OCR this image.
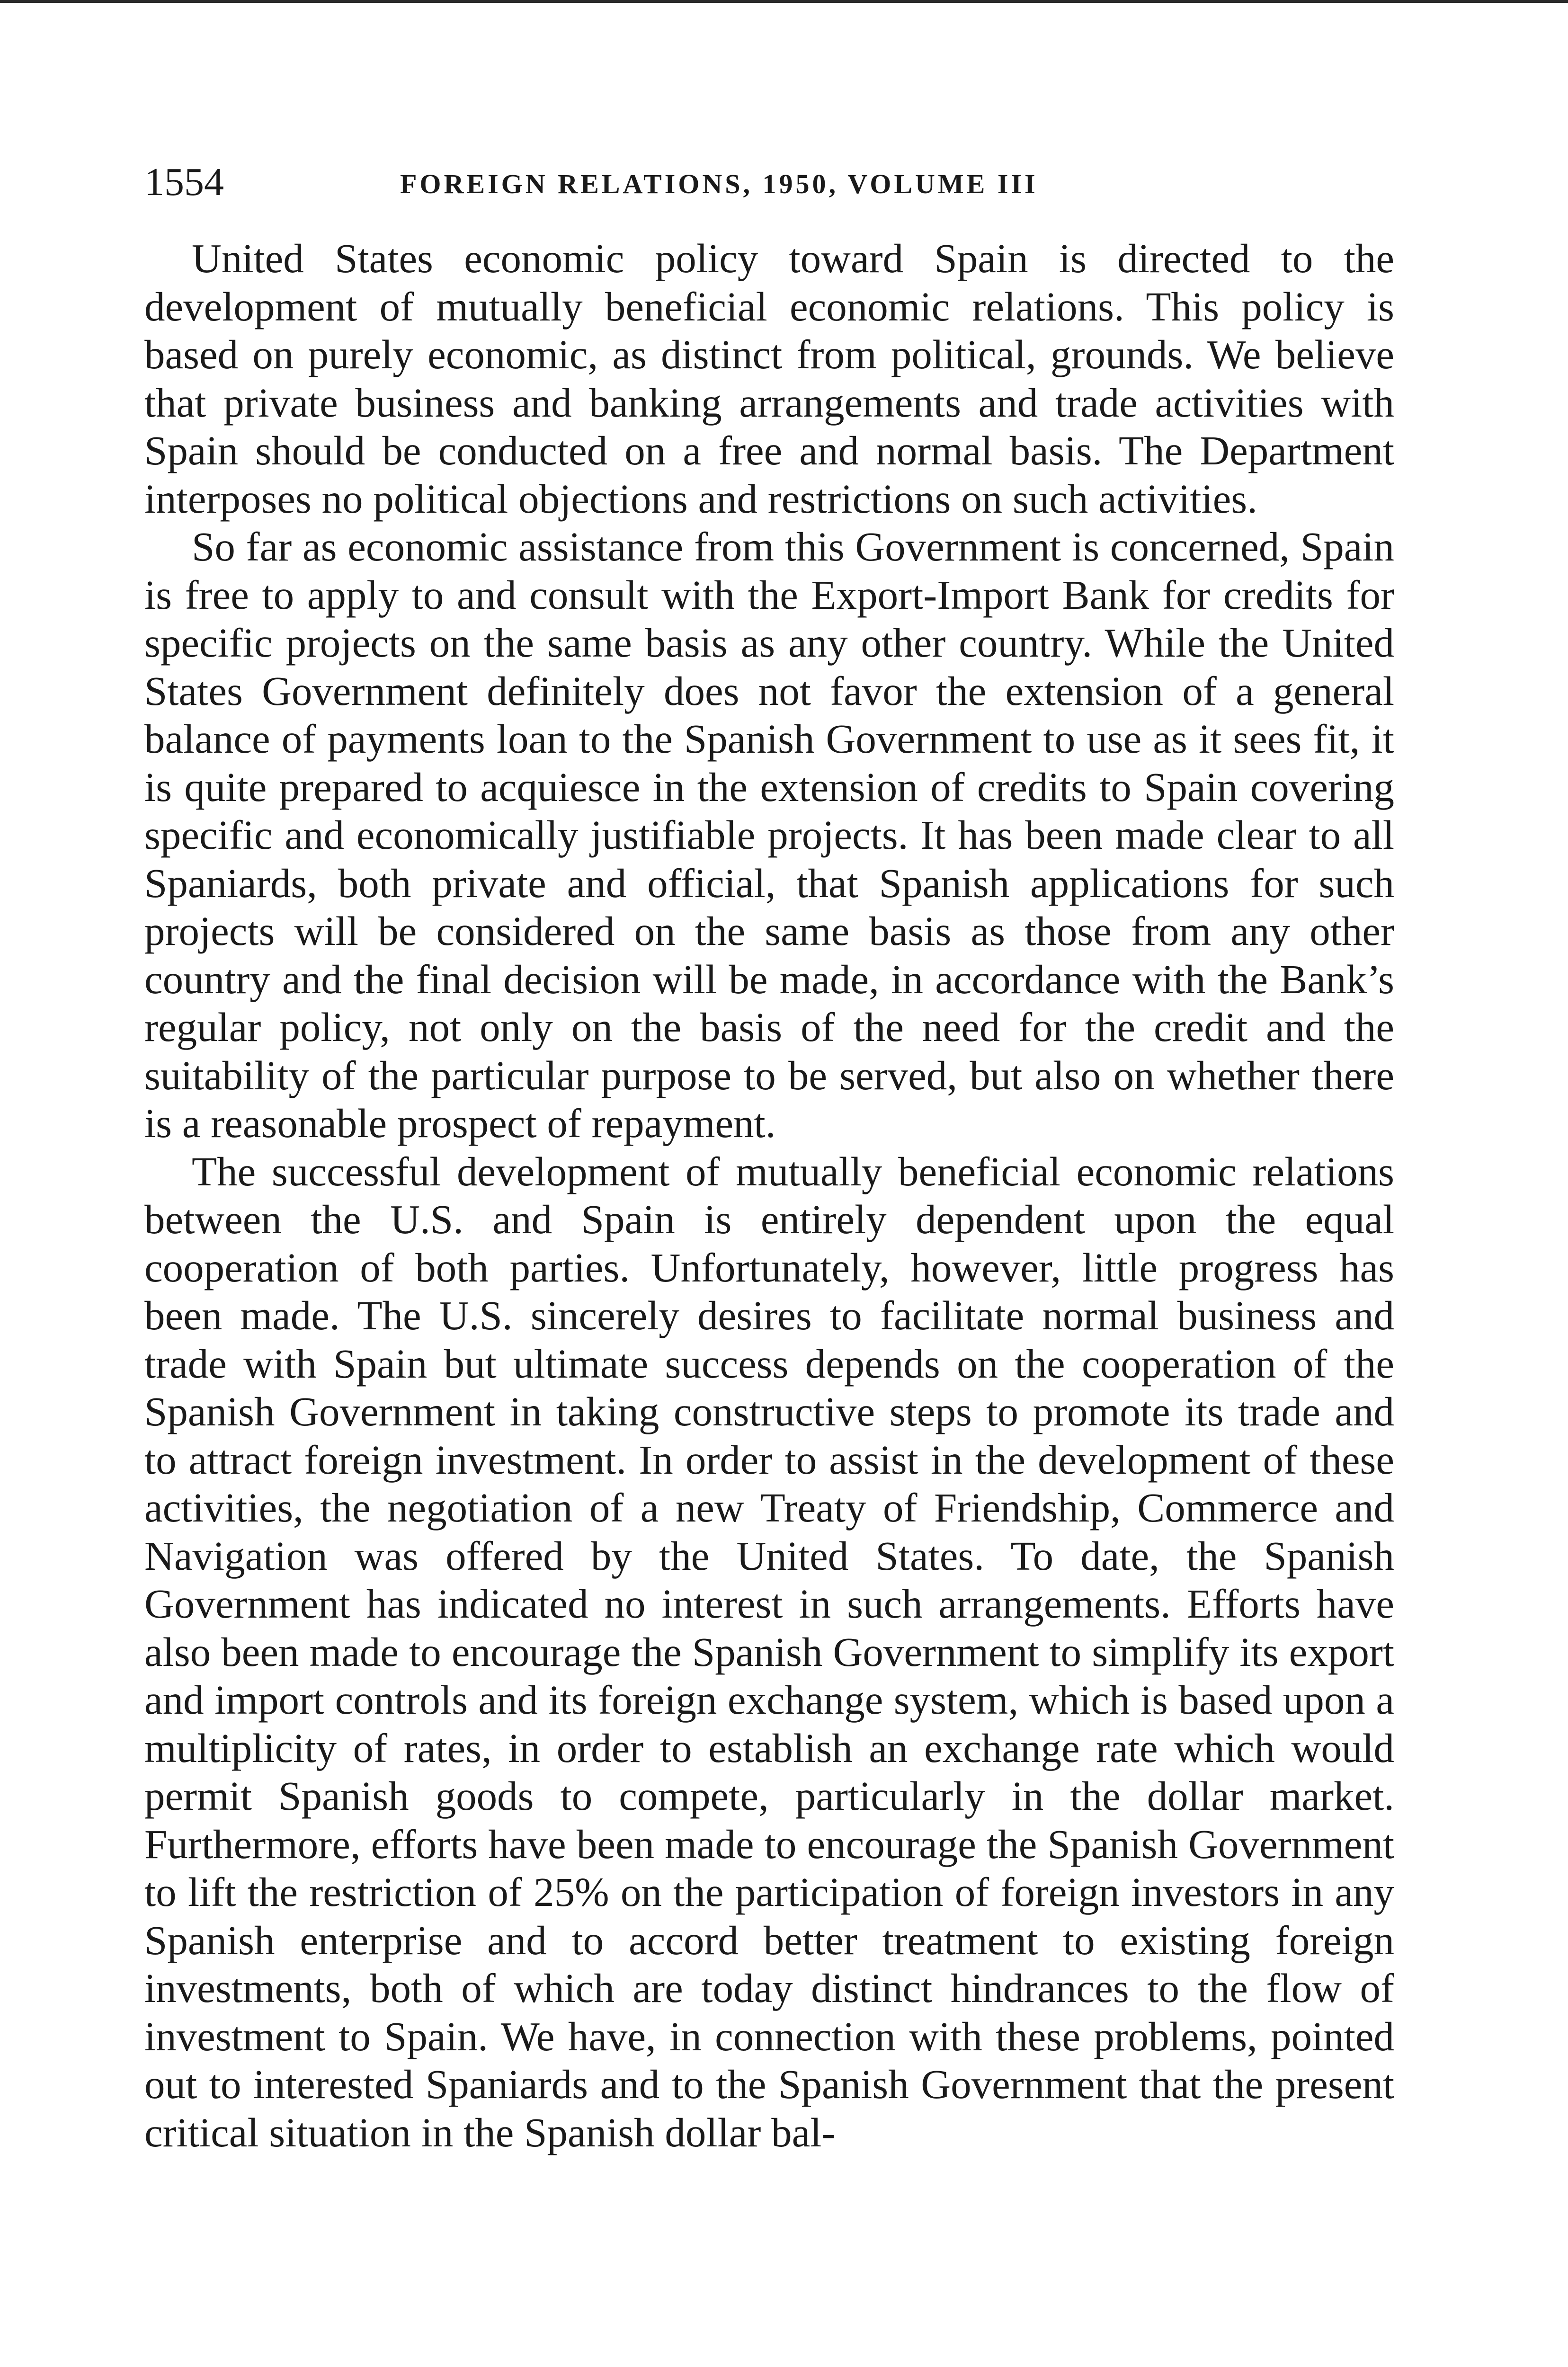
1554	FOREIGN RELATIONS, 1950, VOLUME III

United States economic policy toward Spain is directed to the development of mutually beneficial economic relations. This policy is based on purely economic, as distinct from political, grounds. We believe that private business and banking arrangements and trade activities with Spain should be conducted on a free and normal basis. The Department interposes no political objections and restrictions on such activities.

So far as economic assistance from this Government is concerned, Spain is free to apply to and consult with the Export-Import Bank for credits for specific projects on the same basis as any other country. While the United States Government definitely does not favor the extension of a general balance of payments loan to the Spanish Government to use as it sees fit, it is quite prepared to acquiesce in the extension of credits to Spain covering specific and economically justifiable projects. It has been made clear to all Spaniards, both private and official, that Spanish applications for such projects will be considered on the same basis as those from any other country and the final decision will be made, in accordance with the Bank’s regular policy, not only on the basis of the need for the credit and the suitability of the particular purpose to be served, but also on whether there is a reasonable prospect of repayment.

The successful development of mutually beneficial economic relations between the U.S. and Spain is entirely dependent upon the equal cooperation of both parties. Unfortunately, however, little progress has been made. The U.S. sincerely desires to facilitate normal business and trade with Spain but ultimate success depends on the cooperation of the Spanish Government in taking constructive steps to promote its trade and to attract foreign investment. In order to assist in the development of these activities, the negotiation of a new Treaty of Friendship, Commerce and Navigation was offered by the United States. To date, the Spanish Government has indicated no interest in such arrangements. Efforts have also been made to encourage the Spanish Government to simplify its export and import controls and its foreign exchange system, which is based upon a multiplicity of rates, in order to establish an exchange rate which would permit Spanish goods to compete, particularly in the dollar market. Furthermore, efforts have been made to encourage the Spanish Government to lift the restriction of 25% on the participation of foreign investors in any Spanish enterprise and to accord better treatment to existing foreign investments, both of which are today distinct hindrances to the flow of investment to Spain. We have, in connection with these problems, pointed out to interested Spaniards and to the Spanish Government that the present critical situation in the Spanish dollar bal-
